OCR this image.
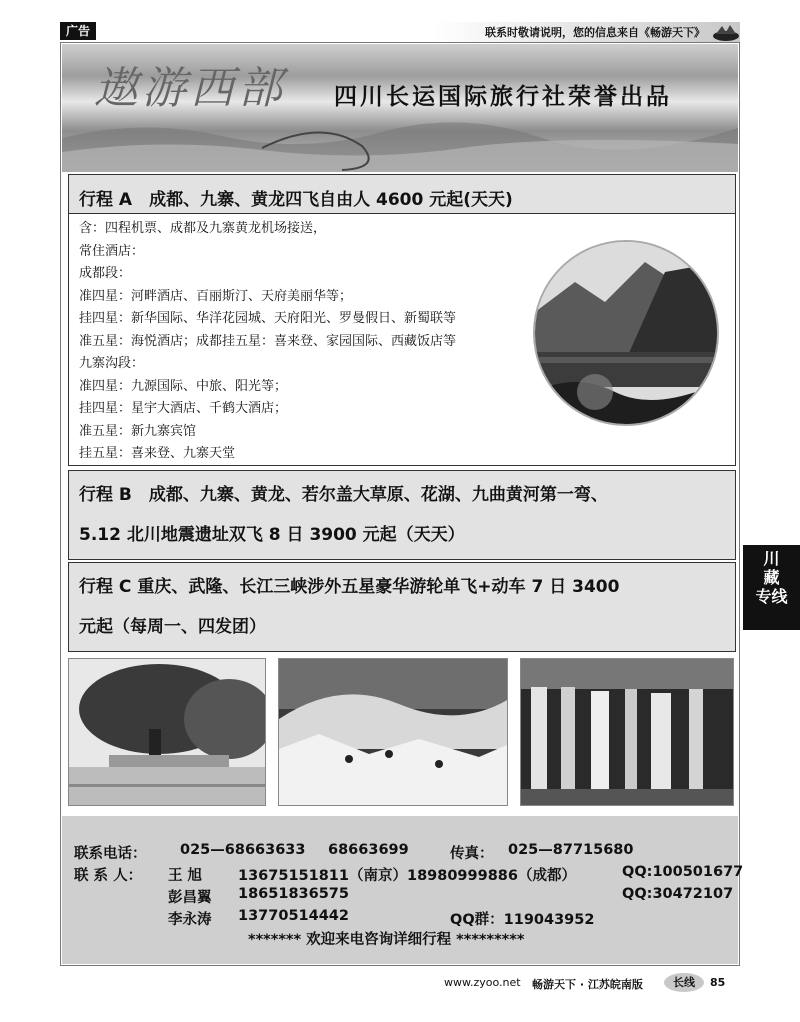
广告	联系时敬请说明，您的信息来自《畅游天下》
遨游西部 四川长运国际旅行社荣誉出品
行程 A　成都、九寨、黄龙四飞自由人 4600 元起(天天)

含：四程机票、成都及九寨黄龙机场接送，

常住酒店：

成都段：

准四星：河畔酒店、百丽斯汀、天府美丽华等；

挂四星：新华国际、华洋花园城、天府阳光、罗曼假日、新蜀联等

准五星：海悦酒店；成都挂五星：喜来登、家园国际、西藏饭店等

九寨沟段：

准四星：九源国际、中旅、阳光等；

挂四星：星宇大酒店、千鹤大酒店；

准五星：新九寨宾馆

挂五星：喜来登、九寨天堂

行程 B　成都、九寨、黄龙、若尔盖大草原、花湖、九曲黄河第一弯、
5.12 北川地震遗址双飞 8 日 3900 元起（天天）
行程 C 重庆、武隆、长江三峡涉外五星豪华游轮单飞+动车 7 日 3400
元起（每周一、四发团）
川
藏
专线
联系电话： 025—68663633 68663699	传真： 025—87715680
联 系 人： 王 旭 13675151811（南京）18980999886（成都）	QQ:100501677
彭昌翼 18651836575	QQ:30472107
李永涛 13770514442	QQ群：119043952
******* 欢迎来电咨询详细行程 *********
www.zyoo.net 畅游天下 · 江苏皖南版	长线	85
